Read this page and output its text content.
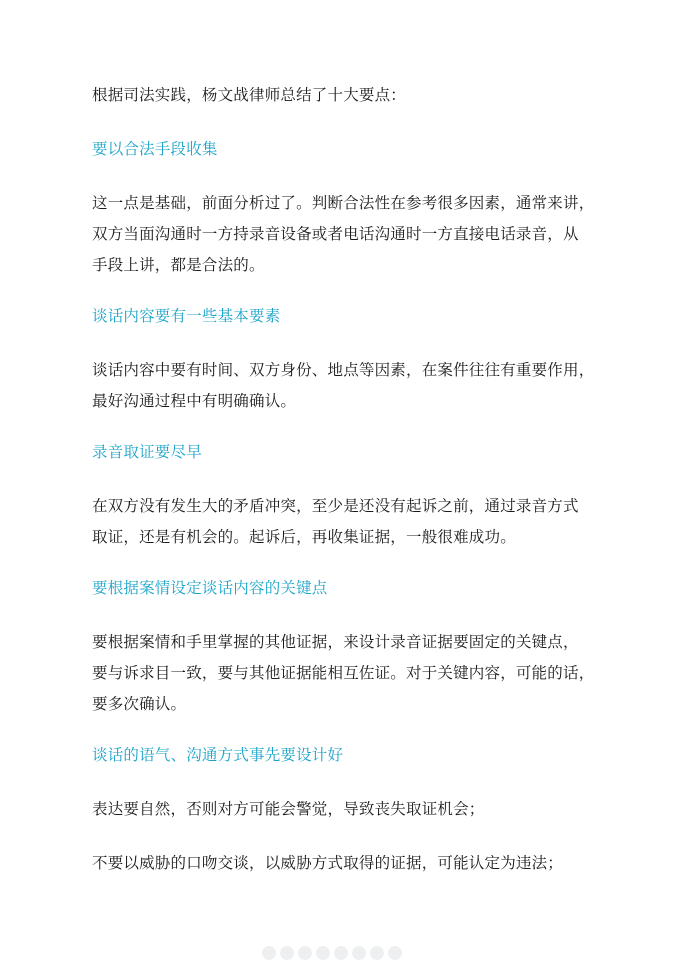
根据司法实践，杨文战律师总结了十大要点：

要以合法手段收集

这一点是基础，前面分析过了。判断合法性在参考很多因素，通常来讲，

双方当面沟通时一方持录音设备或者电话沟通时一方直接电话录音，从

手段上讲，都是合法的。

谈话内容要有一些基本要素

谈话内容中要有时间、双方身份、地点等因素，在案件往往有重要作用，

最好沟通过程中有明确确认。

录音取证要尽早

在双方没有发生大的矛盾冲突，至少是还没有起诉之前，通过录音方式

取证，还是有机会的。起诉后，再收集证据，一般很难成功。

要根据案情设定谈话内容的关键点

要根据案情和手里掌握的其他证据，来设计录音证据要固定的关键点，

要与诉求目一致，要与其他证据能相互佐证。对于关键内容，可能的话，

要多次确认。

谈话的语气、沟通方式事先要设计好

表达要自然，否则对方可能会警觉，导致丧失取证机会；

不要以威胁的口吻交谈，以威胁方式取得的证据，可能认定为违法；
